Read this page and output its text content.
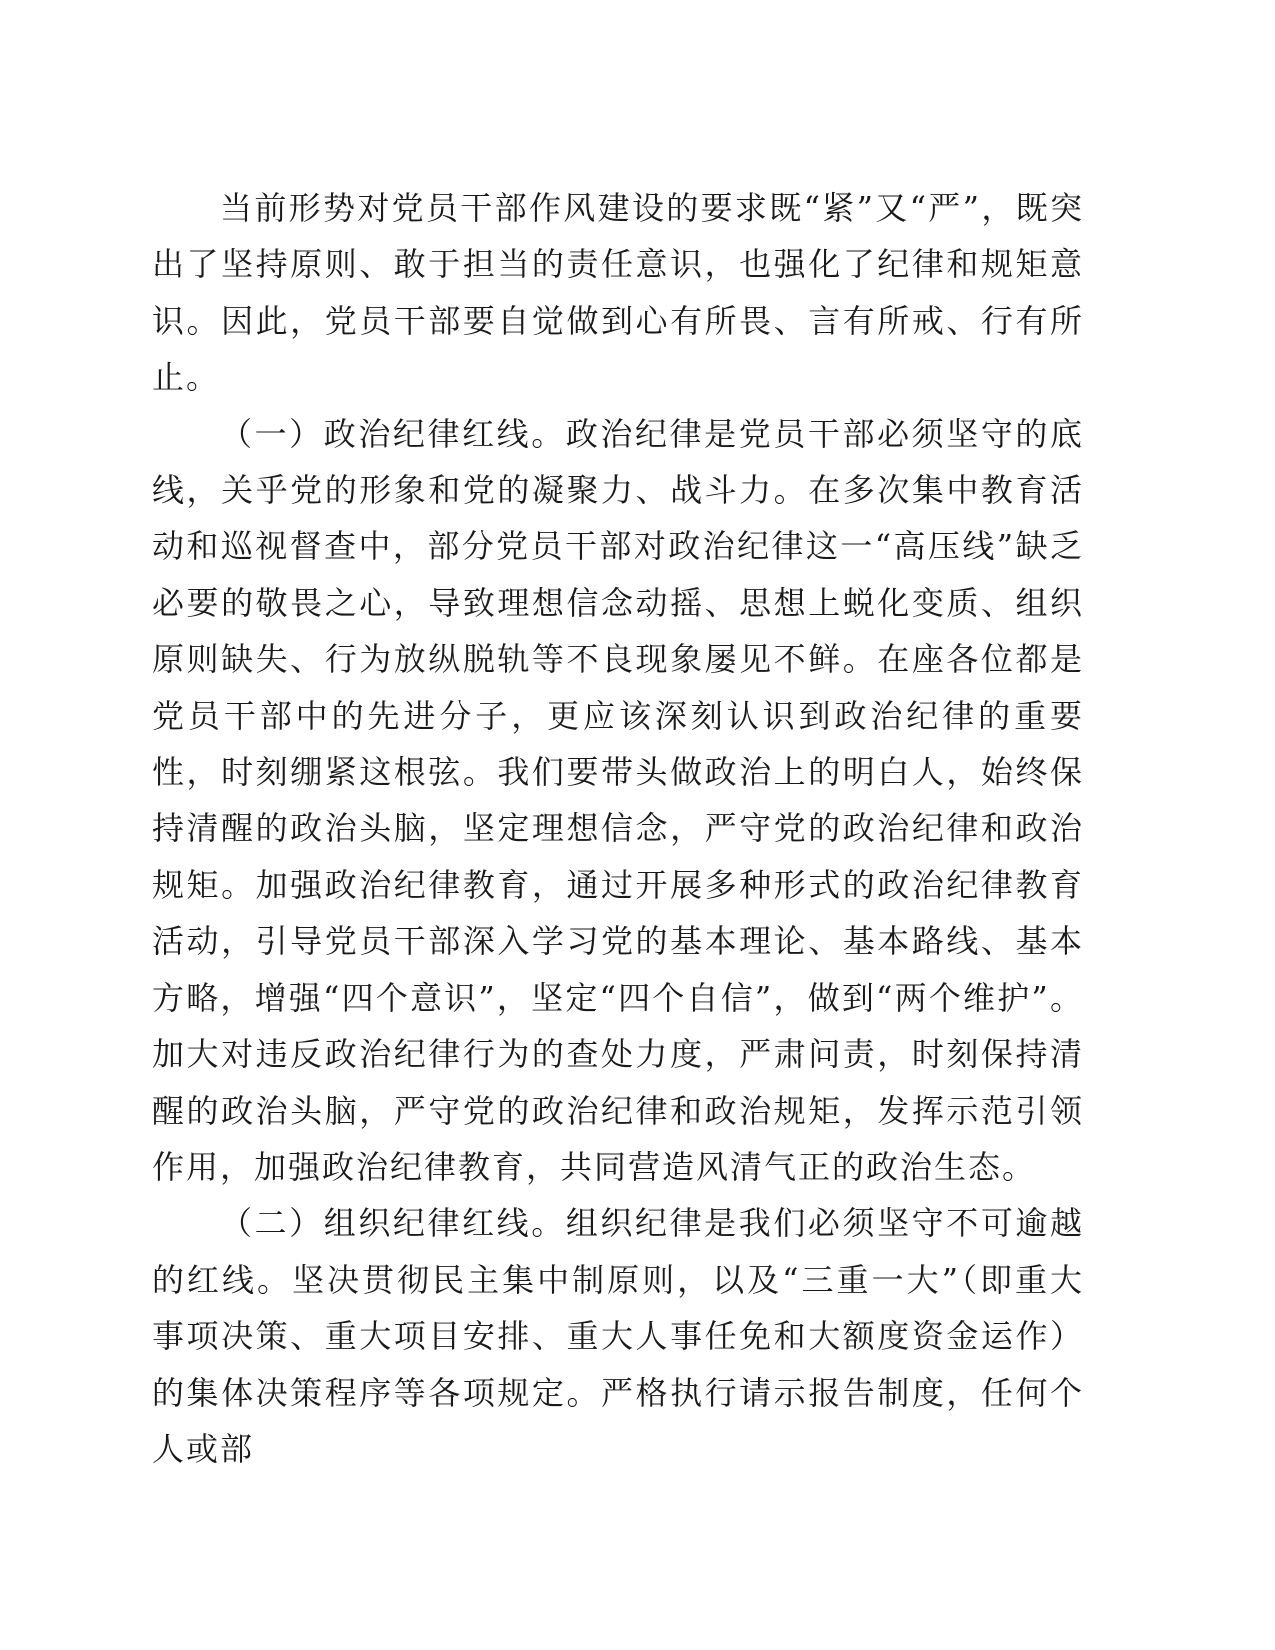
当前形势对党员干部作风建设的要求既“紧”又“严”，既突出了坚持原则、敢于担当的责任意识，也强化了纪律和规矩意识。因此，党员干部要自觉做到心有所畏、言有所戒、行有所止。

（一）政治纪律红线。政治纪律是党员干部必须坚守的底线，关乎党的形象和党的凝聚力、战斗力。在多次集中教育活动和巡视督查中，部分党员干部对政治纪律这一“高压线”缺乏必要的敬畏之心，导致理想信念动摇、思想上蜕化变质、组织原则缺失、行为放纵脱轨等不良现象屡见不鲜。在座各位都是党员干部中的先进分子，更应该深刻认识到政治纪律的重要性，时刻绷紧这根弦。我们要带头做政治上的明白人，始终保持清醒的政治头脑，坚定理想信念，严守党的政治纪律和政治规矩。加强政治纪律教育，通过开展多种形式的政治纪律教育活动，引导党员干部深入学习党的基本理论、基本路线、基本方略，增强“四个意识”，坚定“四个自信”，做到“两个维护”。加大对违反政治纪律行为的查处力度，严肃问责，时刻保持清醒的政治头脑，严守党的政治纪律和政治规矩，发挥示范引领作用，加强政治纪律教育，共同营造风清气正的政治生态。

（二）组织纪律红线。组织纪律是我们必须坚守不可逾越的红线。坚决贯彻民主集中制原则，以及“三重一大”（即重大事项决策、重大项目安排、重大人事任免和大额度资金运作）的集体决策程序等各项规定。严格执行请示报告制度，任何个人或部
